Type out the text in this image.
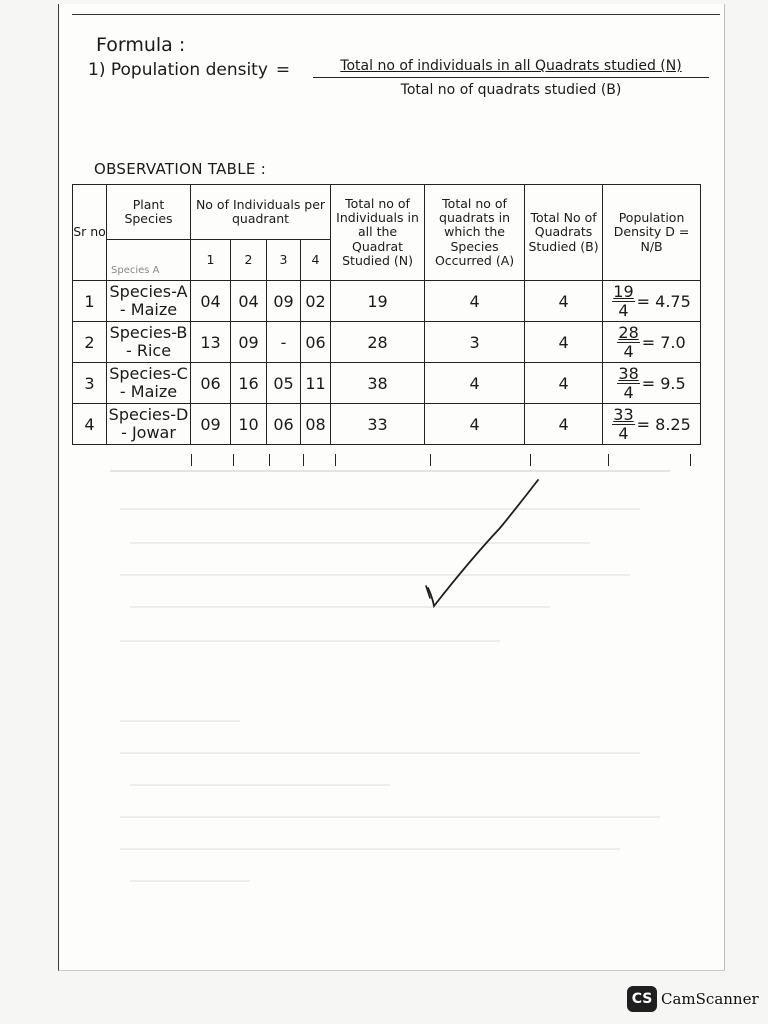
Formula :
1) Population density =	Total no of individuals in all Quadrats studied (N)
Total no of quadrats studied (B)
OBSERVATION TABLE :
Sr no	Plant Species	No of Individuals per quadrant				Total no of Individuals in all the Quadrat Studied (N)	Total no of quadrats in which the Species Occurred (A)	Total No of Quadrats Studied (B)	Population Density D = N/B
	Species A	1	2	3	4				
1	Species-A - Maize	04	04	09	02	19	4	4	$\frac{19}{4} = 4.75$
2	Species-B - Rice	13	09	-	06	28	3	4	$\frac{28}{4} = 7.0$
3	Species-C - Maize	06	16	05	11	38	4	4	$\frac{38}{4} = 9.5$
4	Species-D - Jowar	09	10	06	08	33	4	4	$\frac{33}{4} = 8.25$
CS CamScanner
